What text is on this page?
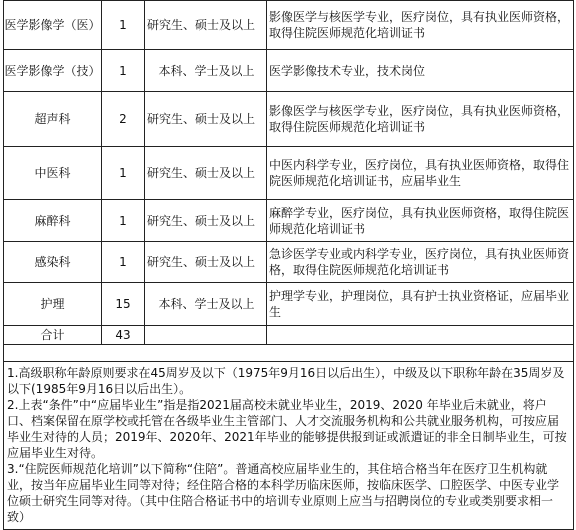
医学影像学（医）	1	研究生、硕士及以上	影像医学与核医学专业，医疗岗位，具有执业医师资格，取得住院医师规范化培训证书
医学影像学（技）	1	本科、学士及以上	医学影像技术专业，技术岗位
超声科	2	研究生、硕士及以上	影像医学与核医学专业，医疗岗位，具有执业医师资格，取得住院医师规范化培训证书
中医科	1	研究生、硕士及以上	中医内科学专业，医疗岗位，具有执业医师资格，取得住院医师规范化培训证书，应届毕业生
麻醉科	1	研究生、硕士及以上	麻醉学专业，医疗岗位，具有执业医师资格，取得住院医师规范化培训证书
感染科	1	研究生、硕士及以上	急诊医学专业或内科学专业，医疗岗位，具有执业医师资格，取得住院医师规范化培训证书
护理	15	本科、学士及以上	护理学专业，护理岗位，具有护士执业资格证，应届毕业生
合计	43		

1.高级职称年龄原则要求在45周岁及以下（1975年9月16日以后出生），中级及以下职称年龄在35周岁及以下(1985年9月16日以后出生）。

2.上表“条件”中“应届毕业生”指是指2021届高校未就业毕业生，2019、2020 年毕业后未就业，将户口、档案保留在原学校或托管在各级毕业生主管部门、人才交流服务机构和公共就业服务机构，可按应届毕业生对待的人员；2019年、2020年、2021年毕业的能够提供报到证或派遣证的非全日制毕业生，可按应届毕业生对待。

3.“住院医师规范化培训”以下简称“住陪”。普通高校应届毕业生的，其住培合格当年在医疗卫生机构就业，按当年应届毕业生同等对待；经住陪合格的本科学历临床医师，按临床医学、口腔医学、中医专业学位硕士研究生同等对待。（其中住陪合格证书中的培训专业原则上应当与招聘岗位的专业或类别要求相一致）			
